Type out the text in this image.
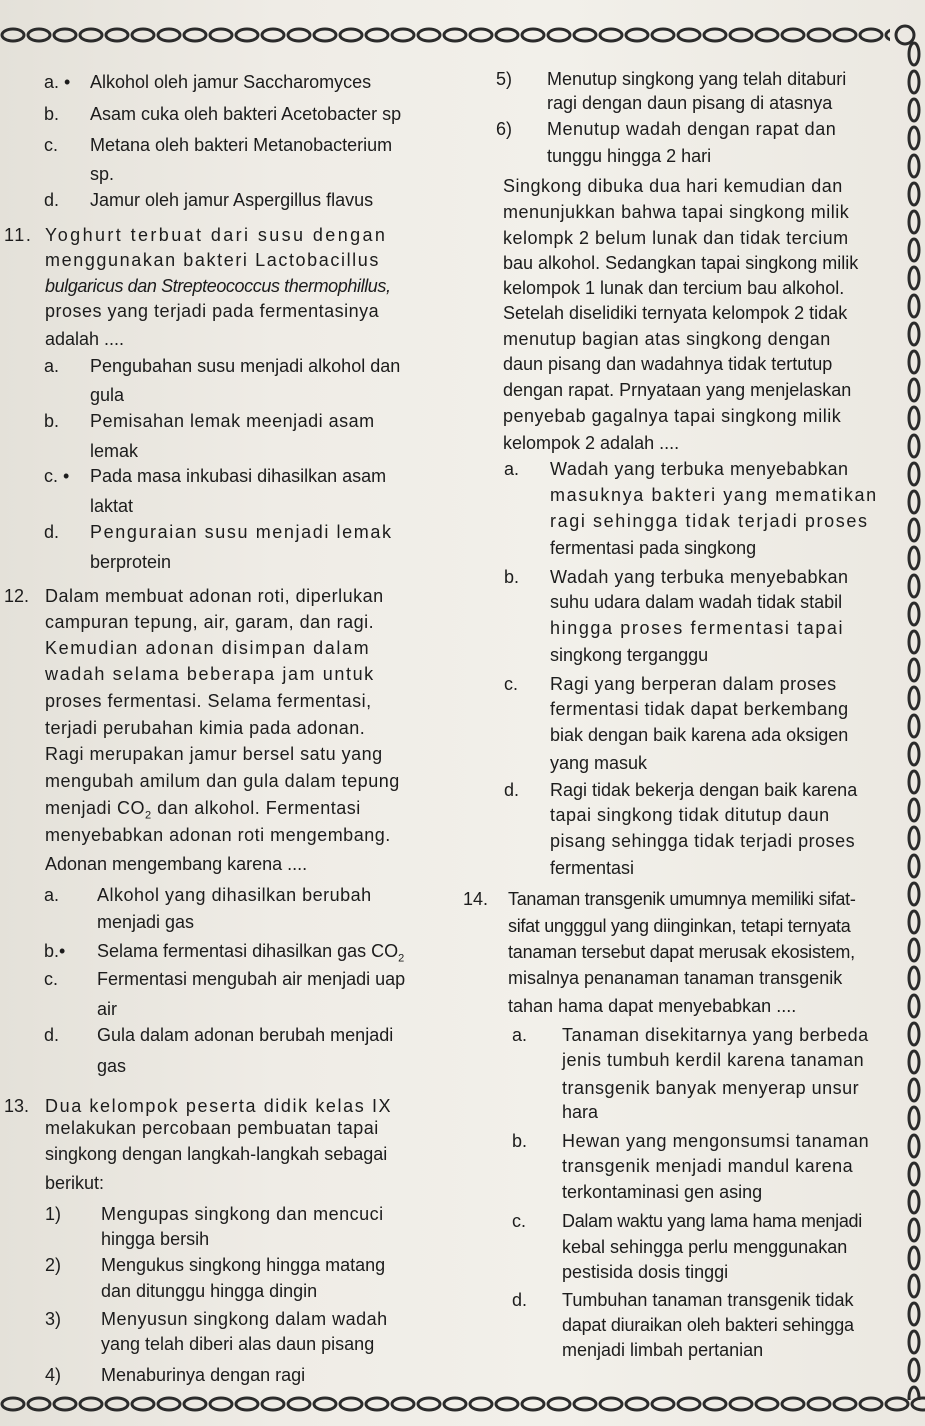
a. • Alkohol oleh jamur Saccharomyces
b. Asam cuka oleh bakteri Acetobacter sp
c. Metana oleh bakteri Metanobacterium
sp.
d. Jamur oleh jamur Aspergillus flavus
11. Yoghurt terbuat dari susu dengan
menggunakan bakteri Lactobacillus
bulgaricus dan Strepteococcus thermophillus,
proses yang terjadi pada fermentasinya
adalah ....
a. Pengubahan susu menjadi alkohol dan
gula
b. Pemisahan lemak meenjadi asam
lemak
c. • Pada masa inkubasi dihasilkan asam
laktat
d. Penguraian susu menjadi lemak
berprotein
12. Dalam membuat adonan roti, diperlukan
campuran tepung, air, garam, dan ragi.
Kemudian adonan disimpan dalam
wadah selama beberapa jam untuk
proses fermentasi. Selama fermentasi,
terjadi perubahan kimia pada adonan.
Ragi merupakan jamur bersel satu yang
mengubah amilum dan gula dalam tepung
menjadi $CO_2$ dan alkohol. Fermentasi
menyebabkan adonan roti mengembang.
Adonan mengembang karena ....
a. Alkohol yang dihasilkan berubah
menjadi gas
b.• Selama fermentasi dihasilkan gas $CO_2$
c. Fermentasi mengubah air menjadi uap
air
d. Gula dalam adonan berubah menjadi
gas
13. Dua kelompok peserta didik kelas IX
melakukan percobaan pembuatan tapai
singkong dengan langkah-langkah sebagai
berikut:
1) Mengupas singkong dan mencuci
hingga bersih
2) Mengukus singkong hingga matang
dan ditunggu hingga dingin
3) Menyusun singkong dalam wadah
yang telah diberi alas daun pisang
4) Menaburinya dengan ragi
5) Menutup singkong yang telah ditaburi
ragi dengan daun pisang di atasnya
6) Menutup wadah dengan rapat dan
tunggu hingga 2 hari
Singkong dibuka dua hari kemudian dan
menunjukkan bahwa tapai singkong milik
kelompk 2 belum lunak dan tidak tercium
bau alkohol. Sedangkan tapai singkong milik
kelompok 1 lunak dan tercium bau alkohol.
Setelah diselidiki ternyata kelompok 2 tidak
menutup bagian atas singkong dengan
daun pisang dan wadahnya tidak tertutup
dengan rapat. Prnyataan yang menjelaskan
penyebab gagalnya tapai singkong milik
kelompok 2 adalah ....
a. Wadah yang terbuka menyebabkan
masuknya bakteri yang mematikan
ragi sehingga tidak terjadi proses
fermentasi pada singkong
b. Wadah yang terbuka menyebabkan
suhu udara dalam wadah tidak stabil
hingga proses fermentasi tapai
singkong terganggu
c. Ragi yang berperan dalam proses
fermentasi tidak dapat berkembang
biak dengan baik karena ada oksigen
yang masuk
d. Ragi tidak bekerja dengan baik karena
tapai singkong tidak ditutup daun
pisang sehingga tidak terjadi proses
fermentasi
14. Tanaman transgenik umumnya memiliki sifat-
sifat ungggul yang diinginkan, tetapi ternyata
tanaman tersebut dapat merusak ekosistem,
misalnya penanaman tanaman transgenik
tahan hama dapat menyebabkan ....
a. Tanaman disekitarnya yang berbeda
jenis tumbuh kerdil karena tanaman
transgenik banyak menyerap unsur
hara
b. Hewan yang mengonsumsi tanaman
transgenik menjadi mandul karena
terkontaminasi gen asing
c. Dalam waktu yang lama hama menjadi
kebal sehingga perlu menggunakan
pestisida dosis tinggi
d. Tumbuhan tanaman transgenik tidak
dapat diuraikan oleh bakteri sehingga
menjadi limbah pertanian
